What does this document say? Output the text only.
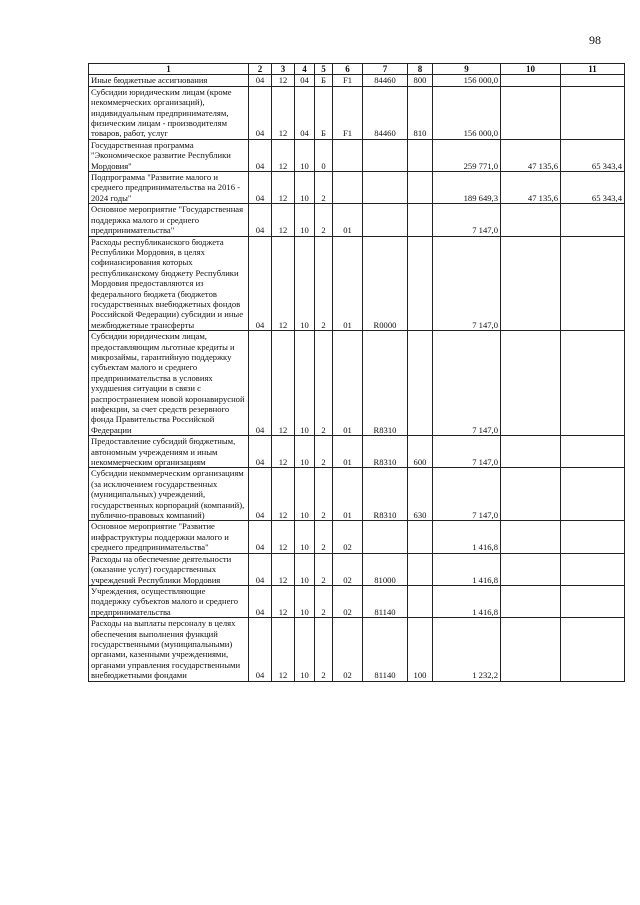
98
1	2	3	4	5	6	7	8	9	10	11
Иные бюджетные ассигнования	04	12	04	Б	F1	84460	800	156 000,0		
Субсидии юридическим лицам (кроме некоммерческих организаций), индивидуальным предпринимателям, физическим лицам - производителям товаров, работ, услуг	04	12	04	Б	F1	84460	810	156 000,0		
Государственная программа "Экономическое развитие Республики Мордовия"	04	12	10	0				259 771,0	47 135,6	65 343,4
Подпрограмма "Развитие малого и среднего предпринимательства на 2016 - 2024 годы"	04	12	10	2				189 649,3	47 135,6	65 343,4
Основное мероприятие "Государственная поддержка малого и среднего предпринимательства"	04	12	10	2	01			7 147,0		
Расходы республиканского бюджета Республики Мордовия, в целях софинансирования которых республиканскому бюджету Республики Мордовия предоставляются из федерального бюджета (бюджетов государственных внебюджетных фондов Российской Федерации) субсидии и иные межбюджетные трансферты	04	12	10	2	01	R0000		7 147,0		
Субсидии юридическим лицам, предоставляющим льготные кредиты и микрозаймы, гарантийную поддержку субъектам малого и среднего предпринимательства в условиях ухудшения ситуации в связи с распространением новой коронавирусной инфекции, за счет средств резервного фонда Правительства Российской Федерации	04	12	10	2	01	R8310		7 147,0		
Предоставление субсидий бюджетным, автономным учреждениям и иным некоммерческим организациям	04	12	10	2	01	R8310	600	7 147,0		
Субсидии некоммерческим организациям (за исключением государственных (муниципальных) учреждений, государственных корпораций (компаний), публично-правовых компаний)	04	12	10	2	01	R8310	630	7 147,0		
Основное мероприятие "Развитие инфраструктуры поддержки малого и среднего предпринимательства"	04	12	10	2	02			1 416,8		
Расходы на обеспечение деятельности (оказание услуг) государственных учреждений Республики Мордовия	04	12	10	2	02	81000		1 416,8		
Учреждения, осуществляющие поддержку субъектов малого и среднего предпринимательства	04	12	10	2	02	81140		1 416,8		
Расходы на выплаты персоналу в целях обеспечения выполнения функций государственными (муниципальными) органами, казенными учреждениями, органами управления государственными внебюджетными фондами	04	12	10	2	02	81140	100	1 232,2		
